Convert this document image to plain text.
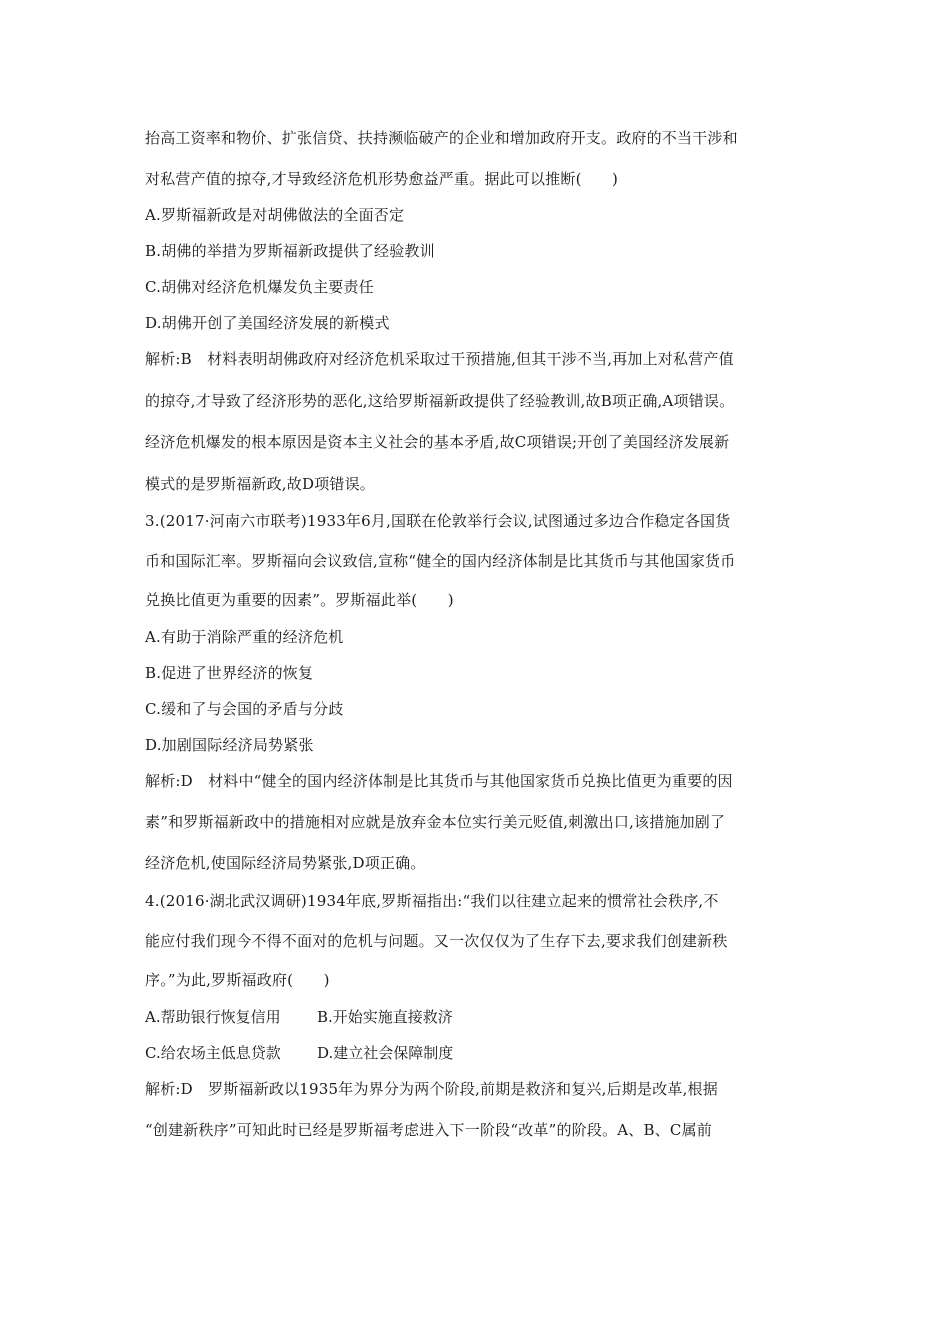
抬高工资率和物价、扩张信贷、扶持濒临破产的企业和增加政府开支。政府的不当干涉和
对私营产值的掠夺,才导致经济危机形势愈益严重。据此可以推断(　　)
A.罗斯福新政是对胡佛做法的全面否定
B.胡佛的举措为罗斯福新政提供了经验教训
C.胡佛对经济危机爆发负主要责任
D.胡佛开创了美国经济发展的新模式
解析:B　材料表明胡佛政府对经济危机采取过干预措施,但其干涉不当,再加上对私营产值
的掠夺,才导致了经济形势的恶化,这给罗斯福新政提供了经验教训,故B项正确,A项错误。
经济危机爆发的根本原因是资本主义社会的基本矛盾,故C项错误;开创了美国经济发展新
模式的是罗斯福新政,故D项错误。
3.(2017·河南六市联考)1933年6月,国联在伦敦举行会议,试图通过多边合作稳定各国货
币和国际汇率。罗斯福向会议致信,宣称“健全的国内经济体制是比其货币与其他国家货币
兑换比值更为重要的因素”。罗斯福此举(　　)
A.有助于消除严重的经济危机
B.促进了世界经济的恢复
C.缓和了与会国的矛盾与分歧
D.加剧国际经济局势紧张
解析:D　材料中“健全的国内经济体制是比其货币与其他国家货币兑换比值更为重要的因
素”和罗斯福新政中的措施相对应就是放弃金本位实行美元贬值,刺激出口,该措施加剧了
经济危机,使国际经济局势紧张,D项正确。
4.(2016·湖北武汉调研)1934年底,罗斯福指出:“我们以往建立起来的惯常社会秩序,不
能应付我们现今不得不面对的危机与问题。又一次仅仅为了生存下去,要求我们创建新秩
序。”为此,罗斯福政府(　　)
A.帮助银行恢复信用 B.开始实施直接救济
C.给农场主低息贷款 D.建立社会保障制度
解析:D　罗斯福新政以1935年为界分为两个阶段,前期是救济和复兴,后期是改革,根据
“创建新秩序”可知此时已经是罗斯福考虑进入下一阶段“改革”的阶段。A、B、C属前
